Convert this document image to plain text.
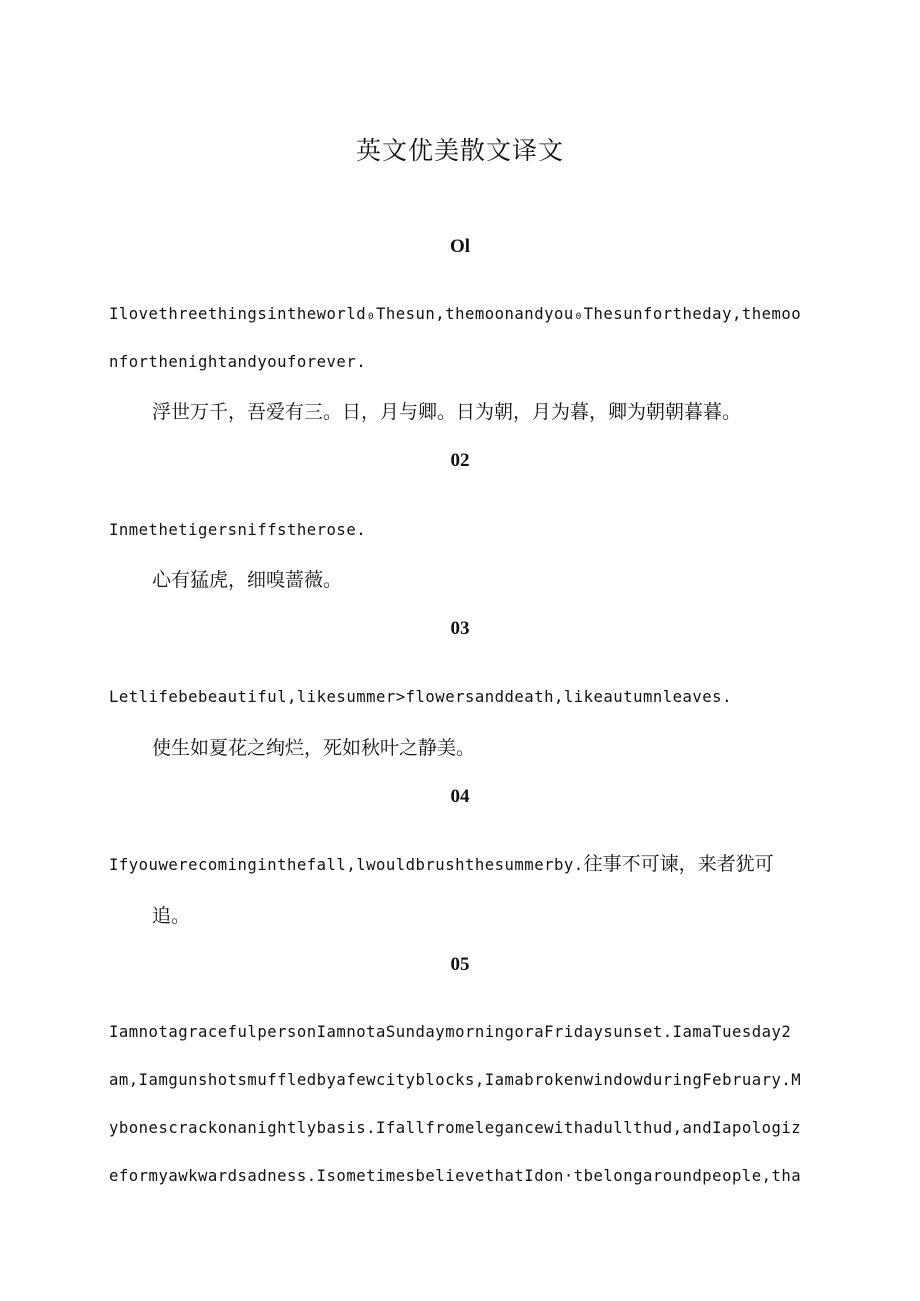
英文优美散文译文
Ol
Ilovethreethingsintheworld₀Thesun,themoonandyou₀Thesunfortheday,themoo
nforthenightandyouforever.
浮世万千，吾爱有三。日，月与卿。日为朝，月为暮，卿为朝朝暮暮。
02
Inmethetigersniffstherose.
心有猛虎，细嗅蔷薇。
03
Letlifebebeautiful,likesummer>flowersanddeath,likeautumnleaves.
使生如夏花之绚烂，死如秋叶之静美。
04
Ifyouwerecominginthefall,lwouldbrushthesummerby.往事不可谏，来者犹可
追。
05
IamnotagracefulpersonIamnotaSundaymorningoraFridaysunset.IamaTuesday2
am,Iamgunshotsmuffledbyafewcityblocks,IamabrokenwindowduringFebruary.M
ybonescrackonanightlybasis.Ifallfromelegancewithadullthud,andIapologiz
eformyawkwardsadness.IsometimesbelievethatIdon·tbelongaroundpeople,tha
